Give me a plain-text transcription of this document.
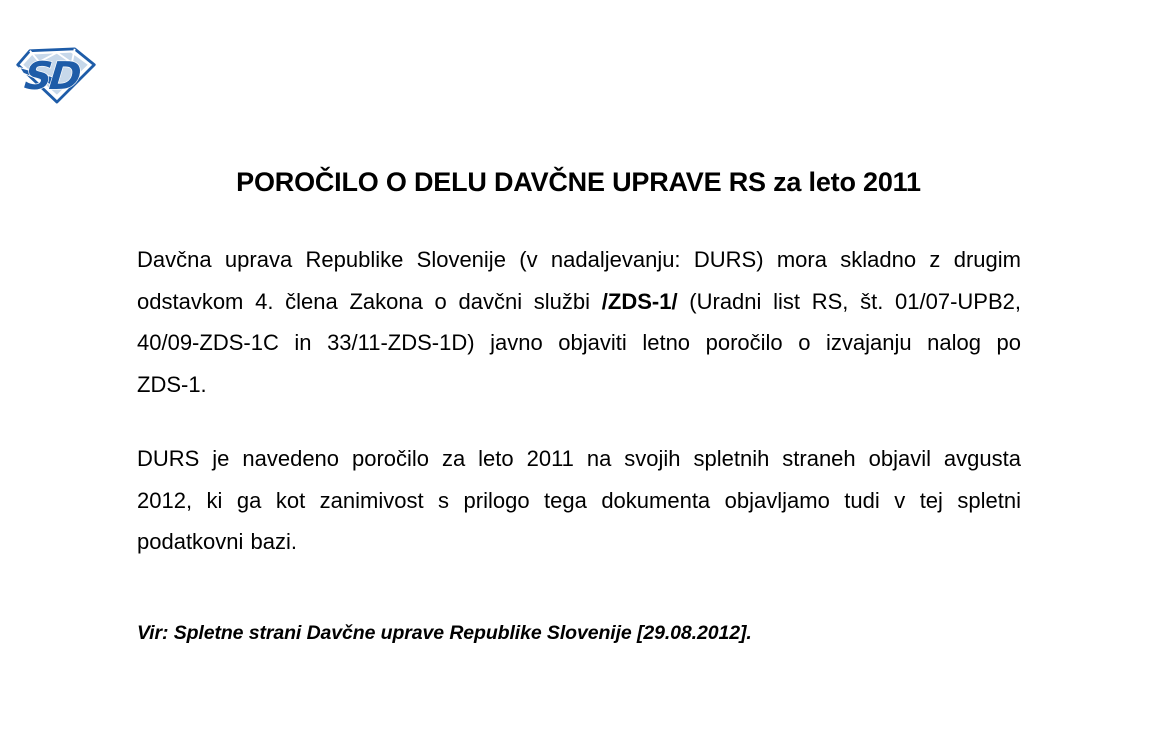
SD
POROČILO O DELU DAVČNE UPRAVE RS za leto 2011
Davčna uprava Republike Slovenije (v nadaljevanju: DURS) mora skladno z drugim
odstavkom 4. člena Zakona o davčni službi /ZDS-1/ (Uradni list RS, št. 01/07-UPB2,
40/09-ZDS-1C in 33/11-ZDS-1D) javno objaviti letno poročilo o izvajanju nalog po
ZDS-1.
DURS je navedeno poročilo za leto 2011 na svojih spletnih straneh objavil avgusta
2012, ki ga kot zanimivost s prilogo tega dokumenta objavljamo tudi v tej spletni
podatkovni bazi.
Vir: Spletne strani Davčne uprave Republike Slovenije [29.08.2012].
